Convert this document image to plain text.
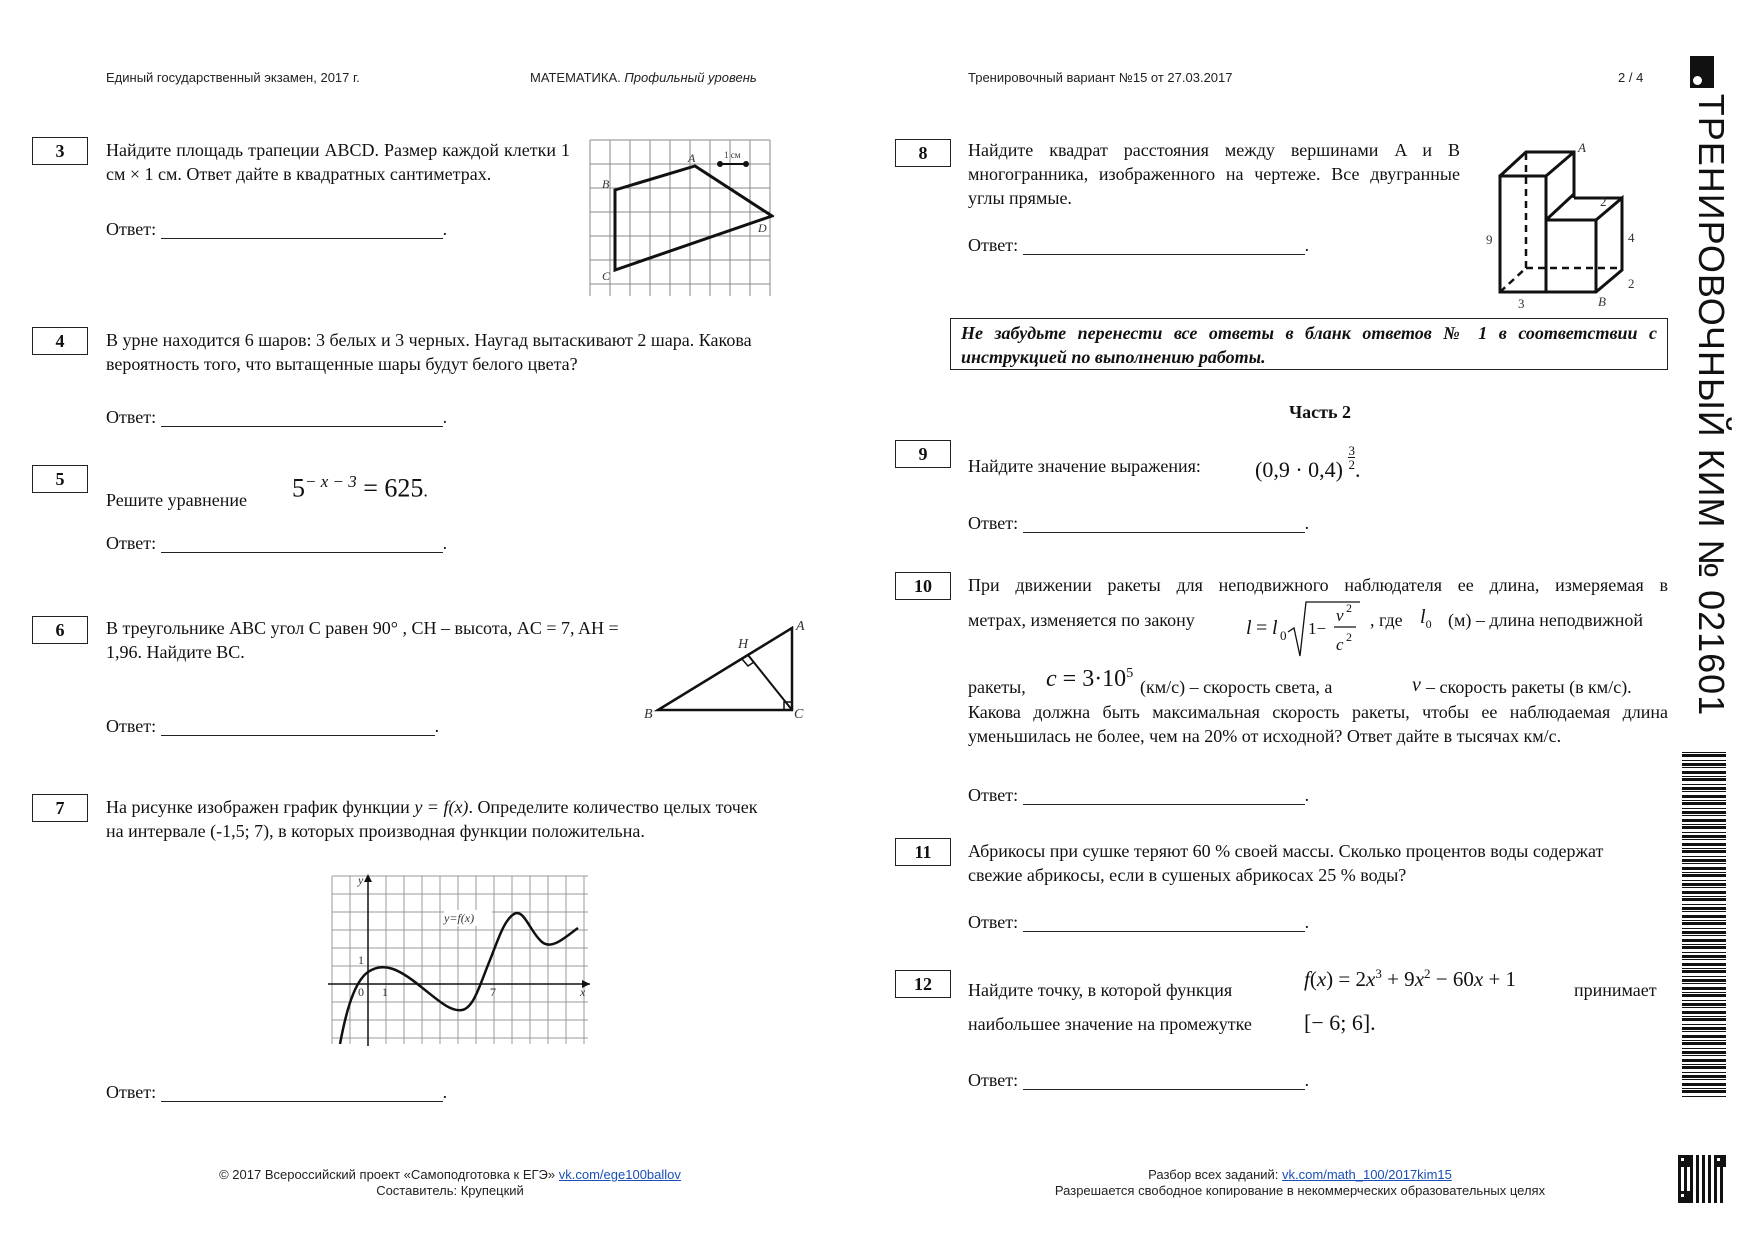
Единый государственный экзамен, 2017 г.	МАТЕМАТИКА. Профильный уровень	Тренировочный вариант №15 от 27.03.2017	2 / 4
ТРЕНИРОВОЧНЫЙ КИМ № 021601
3	Найдите площадь трапеции ABCD. Размер каждой клетки 1 см × 1 см. Ответ дайте в квадратных сантиметрах.
Ответ:	.
B
A
D
C
1 см
4	В урне находится 6 шаров: 3 белых и 3 черных. Наугад вытаскивают 2 шара. Какова вероятность того, что вытащенные шары будут белого цвета?
Ответ:	.
5
Решите уравнение $5^{- x - 3} = 625$.
Ответ:	.
6	В треугольнике ABC угол C равен 90° , CH – высота, AC = 7, AH = 1,96. Найдите BC.
Ответ:	.
A
H
B	C
7	На рисунке изображен график функции y = f(x). Определите количество целых точек на интервале (-1,5; 7), в которых производная функции положительна.
y=f(x)
y
x
0 1
1
7
Ответ:	.
8	Найдите квадрат расстояния между вершинами A и B многогранника, изображенного на чертеже. Все двугранные углы прямые.
Ответ:	.
A
2
4
9
3	B
2
Не забудьте перенести все ответы в бланк ответов № 1 в соответствии с инструкцией по выполнению работы.
Часть 2
9
Найдите значение выражения: $(0,9 \cdot 0,4) \frac{3}{2}$ .
Ответ:	.
10	При движении ракеты для неподвижного наблюдателя ее длина, измеряемая в
метрах, изменяется по закону	l = l 0 1−
v 2
c 2
, где $l_0$ (м) – длина неподвижной
ракеты, $c = 3\cdot 10^5$
(км/с) – скорость света, а	v – скорость ракеты (в км/с).
Какова должна быть максимальная скорость ракеты, чтобы ее наблюдаемая длина уменьшилась не более, чем на 20% от исходной? Ответ дайте в тысячах км/с.
Ответ:	.
11	Абрикосы при сушке теряют 60 % своей массы. Сколько процентов воды содержат свежие абрикосы, если в сушеных абрикосах 25 % воды?
Ответ:	.
12	Найдите точку, в которой функция	$f(x) = 2x^3 + 9x^2 - 60x + 1$	принимает
наибольшее значение на промежутке [− 6; 6].
Ответ:	.
© 2017 Всероссийский проект «Самоподготовка к ЕГЭ» vk.com/ege100ballov
Составитель: Крупецкий
Разбор всех заданий: vk.com/math_100/2017kim15
Разрешается свободное копирование в некоммерческих образовательных целях
